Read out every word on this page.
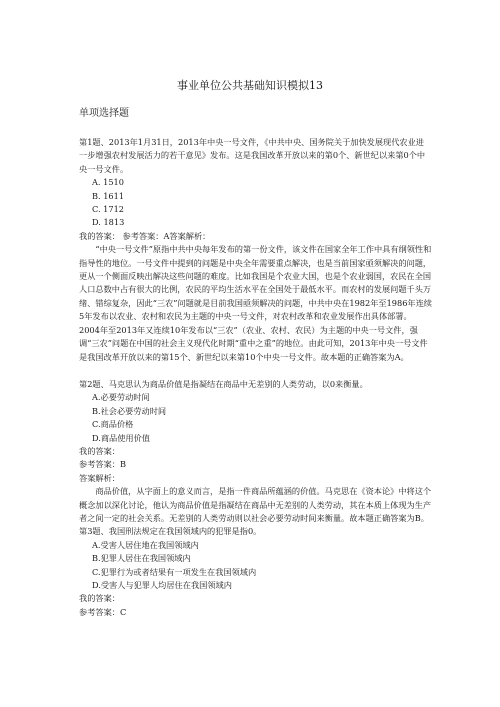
事业单位公共基础知识模拟13
单项选择题

第1题、2013年1月31日，2013年中央一号文件，《中共中央、国务院关于加快发展现代农业进一步增强农村发展活力的若干意见》发布。这是我国改革开放以来的第0个、新世纪以来第0个中央一号文件。

A. 1510

B. 1611

C. 1712

D. 1813

我的答案： 参考答案：A答案解析：

“中央一号文件”原指中共中央每年发布的第一份文件，该文件在国家全年工作中具有纲领性和指导性的地位。一号文件中提到的问题是中央全年需要重点解决，也是当前国家亟须解决的问题，更从一个侧面反映出解决这些问题的难度。比如我国是个农业大国，也是个农业弱国，农民在全国人口总数中占有很大的比例，农民的平均生活水平在全国处于最低水平。而农村的发展问题千头万绪、错综复杂，因此“三农”问题就是目前我国亟须解决的问题，中共中央在1982年至1986年连续5年发布以农业、农村和农民为主题的中央一号文件，对农村改革和农业发展作出具体部署。2004年至2013年又连续10年发布以“三农”（农业、农村、农民）为主题的中央一号文件，强调“三农”问题在中国的社会主义现代化时期“重中之重”的地位。由此可知，2013年中央一号文件是我国改革开放以来的第15个、新世纪以来第10个中央一号文件。故本题的正确答案为A。

第2题、马克思认为商品价值是指凝结在商品中无差别的人类劳动，以0来衡量。

A.必要劳动时间

B.社会必要劳动时间

C.商品价格

D.商品使用价值

我的答案：

参考答案：B

答案解析：

商品价值，从字面上的意义而言，是指一件商品所蕴涵的价值。马克思在《资本论》中将这个概念加以深化讨论，他认为商品价值是指凝结在商品中无差别的人类劳动，其在本质上体现为生产者之间一定的社会关系。无差别的人类劳动则以社会必要劳动时间来衡量。故本题正确答案为B。

第3题、我国刑法规定在我国领域内的犯罪是指0。

A.受害人居住地在我国领域内

B.犯罪人居住在我国领域内

C.犯罪行为或者结果有一项发生在我国领域内

D.受害人与犯罪人均居住在我国领域内

我的答案：

参考答案：C
